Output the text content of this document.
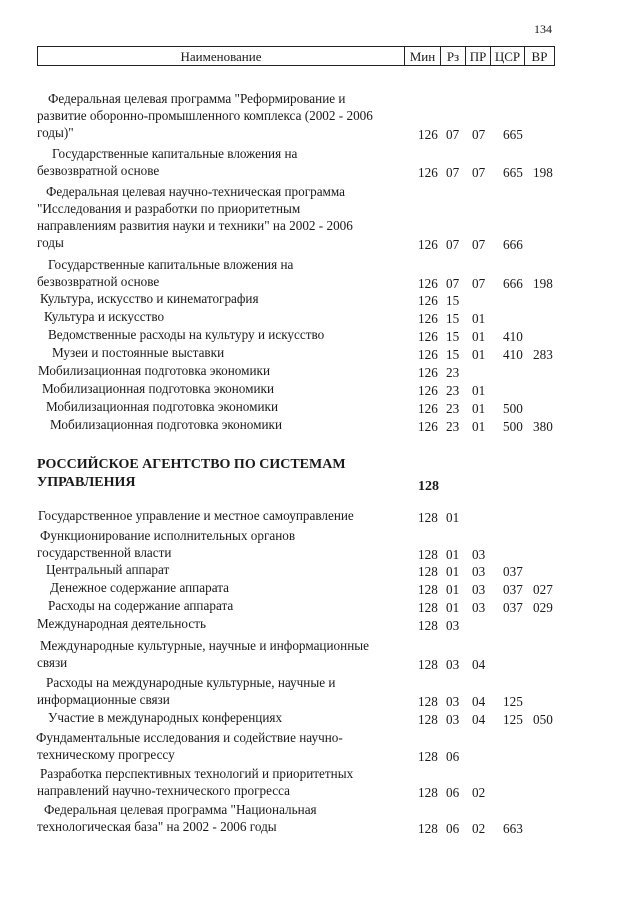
134
Наименование	Мин Рз ПР ЦСР ВР
Федеральная целевая программа "Реформирование и
развитие оборонно-промышленного комплекса (2002 - 2006
годы)"	126 07 07 665
Государственные капитальные вложения на
безвозвратной основе	126 07 07 665 198
Федеральная целевая научно-техническая программа
"Исследования и разработки по приоритетным
направлениям развития науки и техники" на 2002 - 2006
годы	126 07 07 666
Государственные капитальные вложения на
безвозвратной основе	126 07 07 666 198
Культура, искусство и кинематография	126 15
Культура и искусство	126 15 01
Ведомственные расходы на культуру и искусство	126 15 01 410
Музеи и постоянные выставки	126 15 01 410 283
Мобилизационная подготовка экономики	126 23
Мобилизационная подготовка экономики	126 23 01
Мобилизационная подготовка экономики	126 23 01 500
Мобилизационная подготовка экономики	126 23 01 500 380
РОССИЙСКОЕ АГЕНТСТВО ПО СИСТЕМАМ
УПРАВЛЕНИЯ	128
Государственное управление и местное самоуправление	128 01
Функционирование исполнительных органов
государственной власти	128 01 03
Центральный аппарат	128 01 03 037
Денежное содержание аппарата	128 01 03 037 027
Расходы на содержание аппарата	128 01 03 037 029
Международная деятельность	128 03
Международные культурные, научные и информационные
связи	128 03 04
Расходы на международные культурные, научные и
информационные связи	128 03 04 125
Участие в международных конференциях	128 03 04 125 050
Фундаментальные исследования и содействие научно-
техническому прогрессу	128 06
Разработка перспективных технологий и приоритетных
направлений научно-технического прогресса	128 06 02
Федеральная целевая программа "Национальная
технологическая база" на 2002 - 2006 годы	128 06 02 663
